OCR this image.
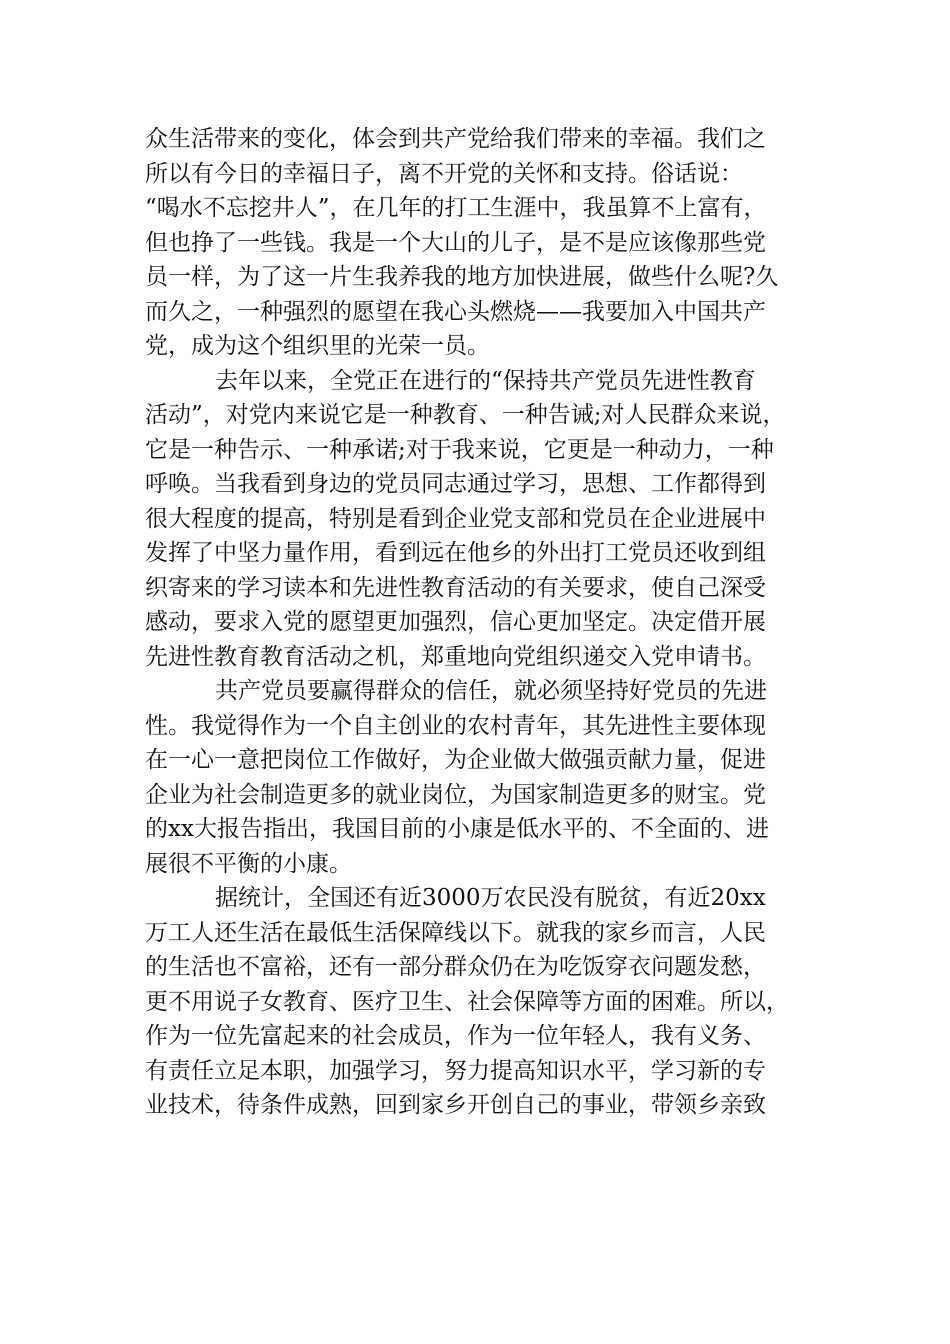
众生活带来的变化，体会到共产党给我们带来的幸福。我们之
所以有今日的幸福日子，离不开党的关怀和支持。俗话说：
“喝水不忘挖井人”，在几年的打工生涯中，我虽算不上富有，
但也挣了一些钱。我是一个大山的儿子，是不是应该像那些党
员一样，为了这一片生我养我的地方加快进展，做些什么呢?久
而久之，一种强烈的愿望在我心头燃烧——我要加入中国共产
党，成为这个组织里的光荣一员。
去年以来，全党正在进行的“保持共产党员先进性教育
活动”，对党内来说它是一种教育、一种告诫;对人民群众来说，
它是一种告示、一种承诺;对于我来说，它更是一种动力，一种
呼唤。当我看到身边的党员同志通过学习，思想、工作都得到
很大程度的提高，特别是看到企业党支部和党员在企业进展中
发挥了中坚力量作用，看到远在他乡的外出打工党员还收到组
织寄来的学习读本和先进性教育活动的有关要求，使自己深受
感动，要求入党的愿望更加强烈，信心更加坚定。决定借开展
先进性教育教育活动之机，郑重地向党组织递交入党申请书。
共产党员要赢得群众的信任，就必须坚持好党员的先进
性。我觉得作为一个自主创业的农村青年，其先进性主要体现
在一心一意把岗位工作做好，为企业做大做强贡献力量，促进
企业为社会制造更多的就业岗位，为国家制造更多的财宝。党
的xx大报告指出，我国目前的小康是低水平的、不全面的、进
展很不平衡的小康。
据统计，全国还有近3000万农民没有脱贫，有近20xx
万工人还生活在最低生活保障线以下。就我的家乡而言，人民
的生活也不富裕，还有一部分群众仍在为吃饭穿衣问题发愁，
更不用说子女教育、医疗卫生、社会保障等方面的困难。所以，
作为一位先富起来的社会成员，作为一位年轻人，我有义务、
有责任立足本职，加强学习，努力提高知识水平，学习新的专
业技术，待条件成熟，回到家乡开创自己的事业，带领乡亲致
